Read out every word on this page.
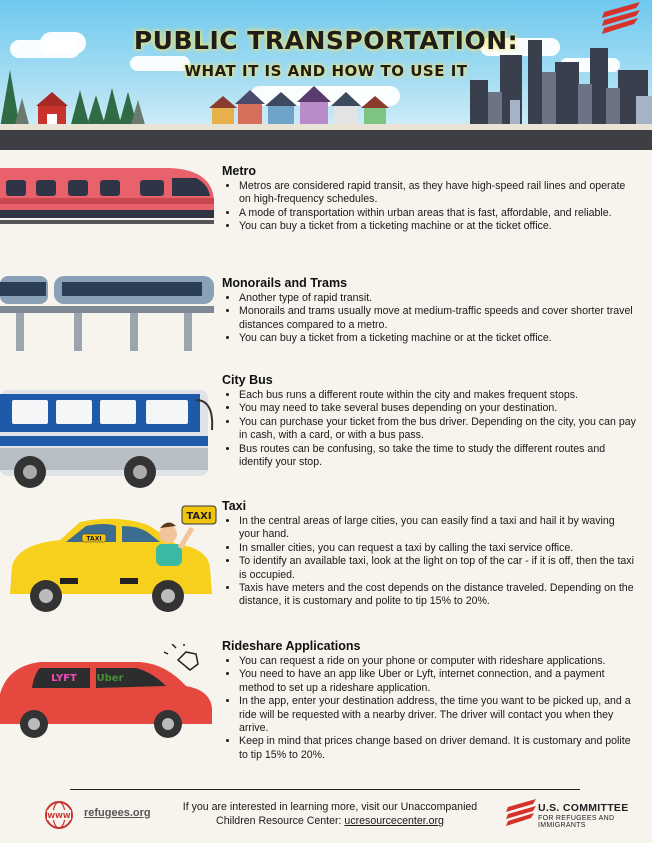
PUBLIC TRANSPORTATION:
WHAT IT IS AND HOW TO USE IT
TAXI
TAXI
LYFT Uber
Metro
• Metros are considered rapid transit, as they have high-speed rail lines and operate on high-frequency schedules.
• A mode of transportation within urban areas that is fast, affordable, and reliable.
• You can buy a ticket from a ticketing machine or at the ticket office.
Monorails and Trams
• Another type of rapid transit.
• Monorails and trams usually move at medium-traffic speeds and cover shorter travel distances compared to a metro.
• You can buy a ticket from a ticketing machine or at the ticket office.
City Bus
• Each bus runs a different route within the city and makes frequent stops.
• You may need to take several buses depending on your destination.
• You can purchase your ticket from the bus driver. Depending on the city, you can pay in cash, with a card, or with a bus pass.
• Bus routes can be confusing, so take the time to study the different routes and identify your stop.
Taxi
• In the central areas of large cities, you can easily find a taxi and hail it by waving your hand.
• In smaller cities, you can request a taxi by calling the taxi service office.
• To identify an available taxi, look at the light on top of the car - if it is off, then the taxi is occupied.
• Taxis have meters and the cost depends on the distance traveled. Depending on the distance, it is customary and polite to tip 15% to 20%.
Rideshare Applications
• You can request a ride on your phone or computer with rideshare applications.
• You need to have an app like Uber or Lyft, internet connection, and a payment method to set up a rideshare application.
• In the app, enter your destination address, the time you want to be picked up, and a ride will be requested with a nearby driver. The driver will contact you when they arrive.
• Keep in mind that prices change based on driver demand. It is customary and polite to tip 15% to 20%.
WWW refugees.org	If you are interested in learning more, visit our Unaccompanied
Children Resource Center: ucresourcecenter.org
U.S. COMMITTEE
FOR REFUGEES AND IMMIGRANTS
